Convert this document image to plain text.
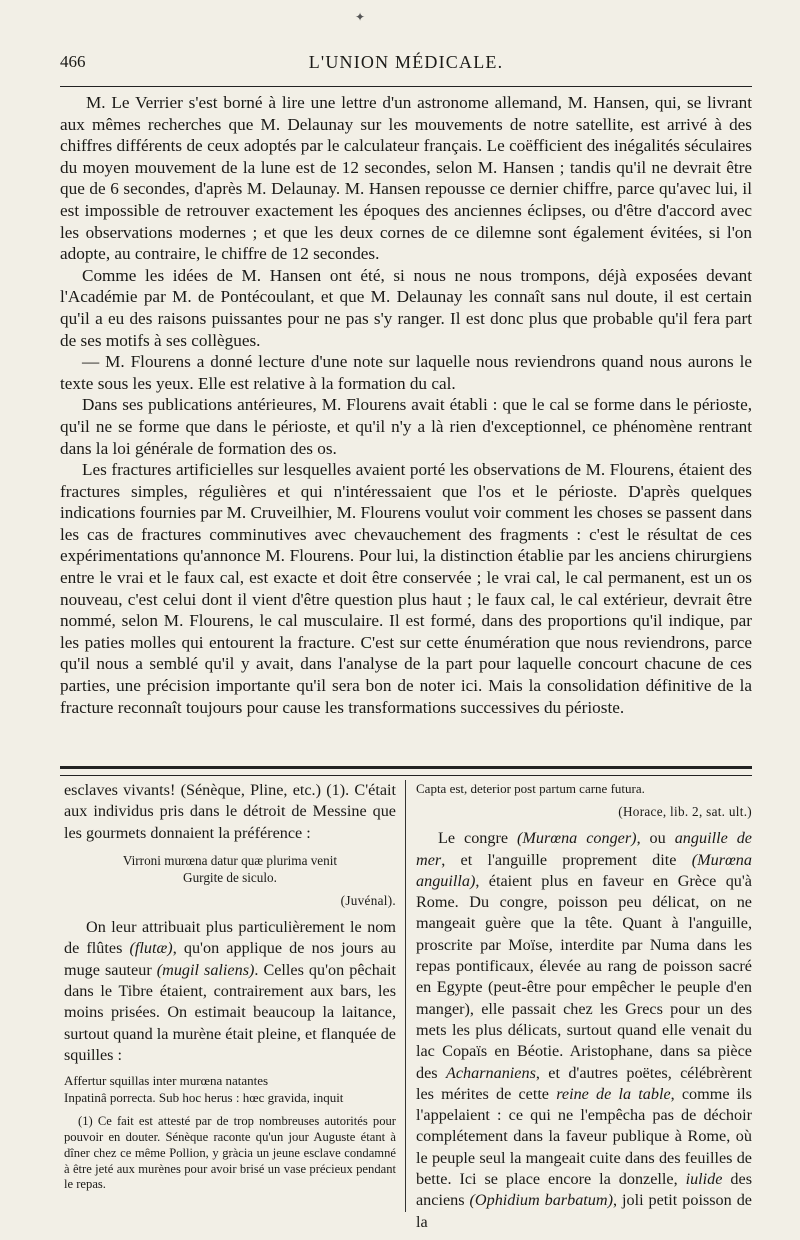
✦
466	L'UNION MÉDICALE.

M. Le Verrier s'est borné à lire une lettre d'un astronome allemand, M. Hansen, qui, se livrant aux mêmes recherches que M. Delaunay sur les mouvements de notre satellite, est arrivé à des chiffres différents de ceux adoptés par le calculateur français. Le coëfficient des inégalités séculaires du moyen mouvement de la lune est de 12 secondes, selon M. Hansen ; tandis qu'il ne devrait être que de 6 secondes, d'après M. Delaunay. M. Hansen repousse ce dernier chiffre, parce qu'avec lui, il est impossible de retrouver exactement les époques des anciennes éclipses, ou d'être d'accord avec les observations modernes ; et que les deux cornes de ce dilemne sont également évitées, si l'on adopte, au contraire, le chiffre de 12 secondes.

Comme les idées de M. Hansen ont été, si nous ne nous trompons, déjà exposées devant l'Académie par M. de Pontécoulant, et que M. Delaunay les connaît sans nul doute, il est certain qu'il a eu des raisons puissantes pour ne pas s'y ranger. Il est donc plus que probable qu'il fera part de ses motifs à ses collègues.

— M. Flourens a donné lecture d'une note sur laquelle nous reviendrons quand nous aurons le texte sous les yeux. Elle est relative à la formation du cal.

Dans ses publications antérieures, M. Flourens avait établi : que le cal se forme dans le périoste, qu'il ne se forme que dans le périoste, et qu'il n'y a là rien d'exceptionnel, ce phénomène rentrant dans la loi générale de formation des os.

Les fractures artificielles sur lesquelles avaient porté les observations de M. Flourens, étaient des fractures simples, régulières et qui n'intéressaient que l'os et le périoste. D'après quelques indications fournies par M. Cruveilhier, M. Flourens voulut voir comment les choses se passent dans les cas de fractures comminutives avec chevauchement des fragments : c'est le résultat de ces expérimentations qu'annonce M. Flourens. Pour lui, la distinction établie par les anciens chirurgiens entre le vrai et le faux cal, est exacte et doit être conservée ; le vrai cal, le cal permanent, est un os nouveau, c'est celui dont il vient d'être question plus haut ; le faux cal, le cal extérieur, devrait être nommé, selon M. Flourens, le cal musculaire. Il est formé, dans des proportions qu'il indique, par les paties molles qui entourent la fracture. C'est sur cette énumération que nous reviendrons, parce qu'il nous a semblé qu'il y avait, dans l'analyse de la part pour laquelle concourt chacune de ces parties, une précision importante qu'il sera bon de noter ici. Mais la consolidation définitive de la fracture reconnaît toujours pour cause les transformations successives du périoste.

esclaves vivants! (Sénèque, Pline, etc.) (1). C'était aux individus pris dans le détroit de Messine que les gourmets donnaient la préférence :

Virroni murœna datur quæ plurima venit

Gurgite de siculo.

(Juvénal).

On leur attribuait plus particulièrement le nom de flûtes (flutæ), qu'on applique de nos jours au muge sauteur (mugil saliens). Celles qu'on pêchait dans le Tibre étaient, contrairement aux bars, les moins prisées. On estimait beaucoup la laitance, surtout quand la murène était pleine, et flanquée de squilles :

Affertur squillas inter murœna natantes

Inpatinâ porrecta. Sub hoc herus : hœc gravida, inquit

(1) Ce fait est attesté par de trop nombreuses autorités pour pouvoir en douter. Sénèque raconte qu'un jour Auguste étant à dîner chez ce même Pollion, y gràcia un jeune esclave condamné à être jeté aux murènes pour avoir brisé un vase précieux pendant le repas.

Capta est, deterior post partum carne futura.

(Horace, lib. 2, sat. ult.)

Le congre (Murœna conger), ou anguille de mer, et l'anguille proprement dite (Murœna anguilla), étaient plus en faveur en Grèce qu'à Rome. Du congre, poisson peu délicat, on ne mangeait guère que la tête. Quant à l'anguille, proscrite par Moïse, interdite par Numa dans les repas pontificaux, élevée au rang de poisson sacré en Egypte (peut-être pour empêcher le peuple d'en manger), elle passait chez les Grecs pour un des mets les plus délicats, surtout quand elle venait du lac Copaïs en Béotie. Aristophane, dans sa pièce des Acharnaniens, et d'autres poëtes, célébrèrent les mérites de cette reine de la table, comme ils l'appelaient : ce qui ne l'empêcha pas de déchoir complétement dans la faveur publique à Rome, où le peuple seul la mangeait cuite dans des feuilles de bette. Ici se place encore la donzelle, iulide des anciens (Ophidium barbatum), joli petit poisson de la
